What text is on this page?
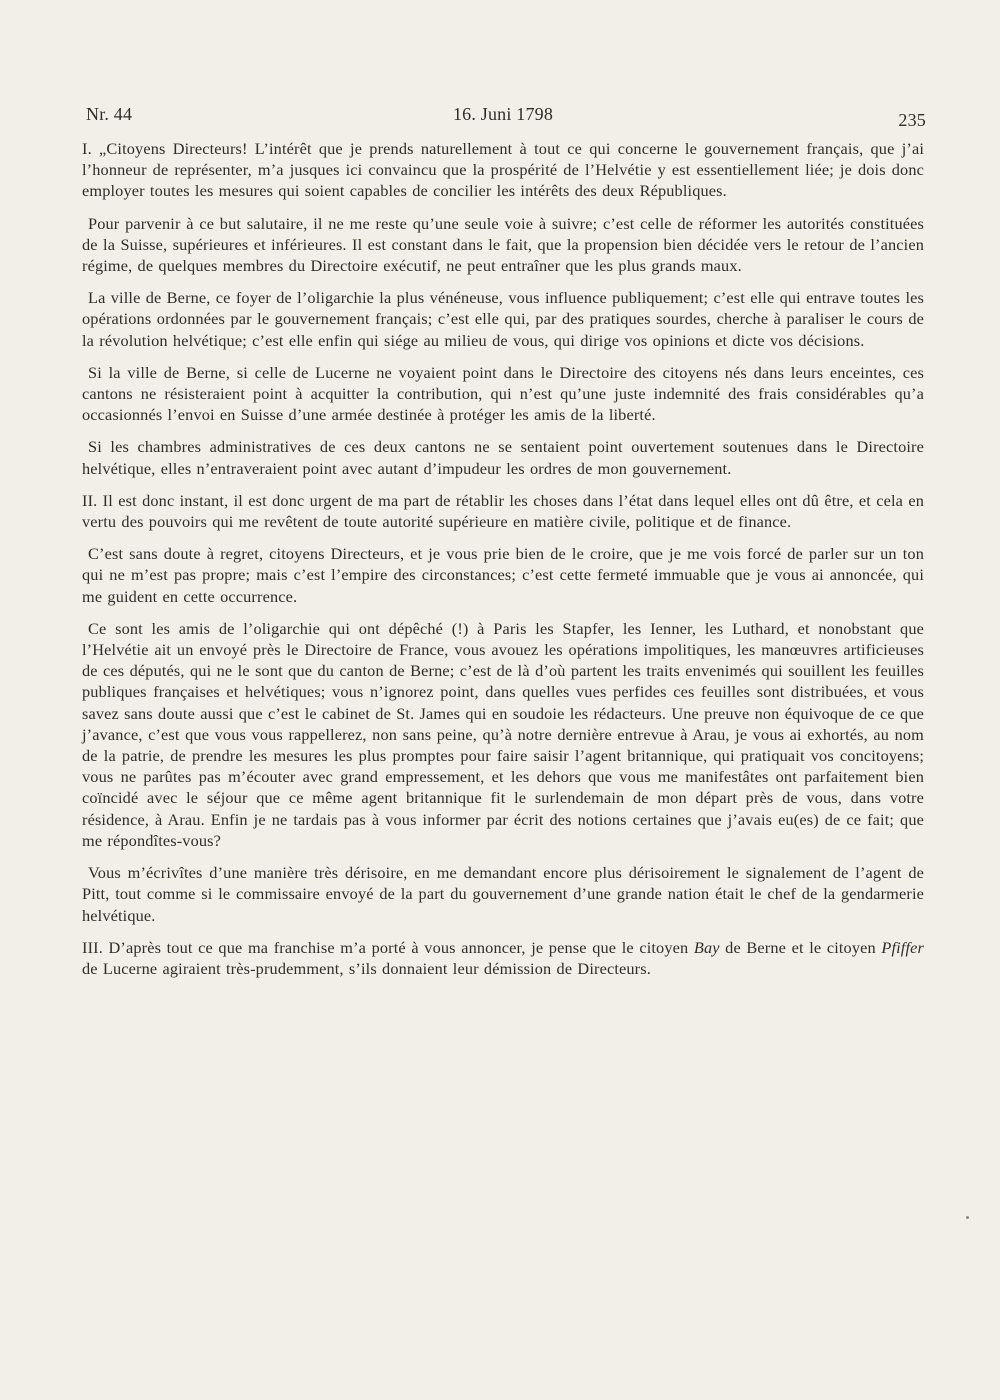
Nr. 44	16. Juni 1798	235

I. „Citoyens Directeurs! L’intérêt que je prends naturellement à tout ce qui concerne le gouvernement français, que j’ai l’honneur de représenter, m’a jusques ici convaincu que la prospérité de l’Helvétie y est essentiellement liée; je dois donc employer toutes les mesures qui soient capables de concilier les intérêts des deux Républiques.

Pour parvenir à ce but salutaire, il ne me reste qu’une seule voie à suivre; c’est celle de réformer les autorités constituées de la Suisse, supérieures et inférieures. Il est constant dans le fait, que la propension bien décidée vers le retour de l’ancien régime, de quelques membres du Directoire exécutif, ne peut entraîner que les plus grands maux.

La ville de Berne, ce foyer de l’oligarchie la plus vénéneuse, vous influence publiquement; c’est elle qui entrave toutes les opérations ordonnées par le gouvernement français; c’est elle qui, par des pratiques sourdes, cherche à paraliser le cours de la révolution helvétique; c’est elle enfin qui siége au milieu de vous, qui dirige vos opinions et dicte vos décisions.

Si la ville de Berne, si celle de Lucerne ne voyaient point dans le Directoire des citoyens nés dans leurs enceintes, ces cantons ne résisteraient point à acquitter la contribution, qui n’est qu’une juste indemnité des frais considérables qu’a occasionnés l’envoi en Suisse d’une armée destinée à protéger les amis de la liberté.

Si les chambres administratives de ces deux cantons ne se sentaient point ouvertement soutenues dans le Directoire helvétique, elles n’entraveraient point avec autant d’impudeur les ordres de mon gouvernement.

II. Il est donc instant, il est donc urgent de ma part de rétablir les choses dans l’état dans lequel elles ont dû être, et cela en vertu des pouvoirs qui me revêtent de toute autorité supérieure en matière civile, politique et de finance.

C’est sans doute à regret, citoyens Directeurs, et je vous prie bien de le croire, que je me vois forcé de parler sur un ton qui ne m’est pas propre; mais c’est l’empire des circonstances; c’est cette fermeté immuable que je vous ai annoncée, qui me guident en cette occurrence.

Ce sont les amis de l’oligarchie qui ont dépêché (!) à Paris les Stapfer, les Ienner, les Luthard, et nonobstant que l’Helvétie ait un envoyé près le Directoire de France, vous avouez les opérations impolitiques, les manœuvres artificieuses de ces députés, qui ne le sont que du canton de Berne; c’est de là d’où partent les traits envenimés qui souillent les feuilles publiques françaises et helvétiques; vous n’ignorez point, dans quelles vues perfides ces feuilles sont distribuées, et vous savez sans doute aussi que c’est le cabinet de St. James qui en soudoie les rédacteurs. Une preuve non équivoque de ce que j’avance, c’est que vous vous rappellerez, non sans peine, qu’à notre dernière entrevue à Arau, je vous ai exhortés, au nom de la patrie, de prendre les mesures les plus promptes pour faire saisir l’agent britannique, qui pratiquait vos concitoyens; vous ne parûtes pas m’écouter avec grand empressement, et les dehors que vous me manifestâtes ont parfaitement bien coïncidé avec le séjour que ce même agent britannique fit le surlendemain de mon départ près de vous, dans votre résidence, à Arau. Enfin je ne tardais pas à vous informer par écrit des notions certaines que j’avais eu(es) de ce fait; que me répondîtes-vous?

Vous m’écrivîtes d’une manière très dérisoire, en me demandant encore plus dérisoirement le signalement de l’agent de Pitt, tout comme si le commissaire envoyé de la part du gouvernement d’une grande nation était le chef de la gendarmerie helvétique.

III. D’après tout ce que ma franchise m’a porté à vous annoncer, je pense que le citoyen Bay de Berne et le citoyen Pfiffer de Lucerne agiraient très-prudemment, s’ils donnaient leur démission de Directeurs.
